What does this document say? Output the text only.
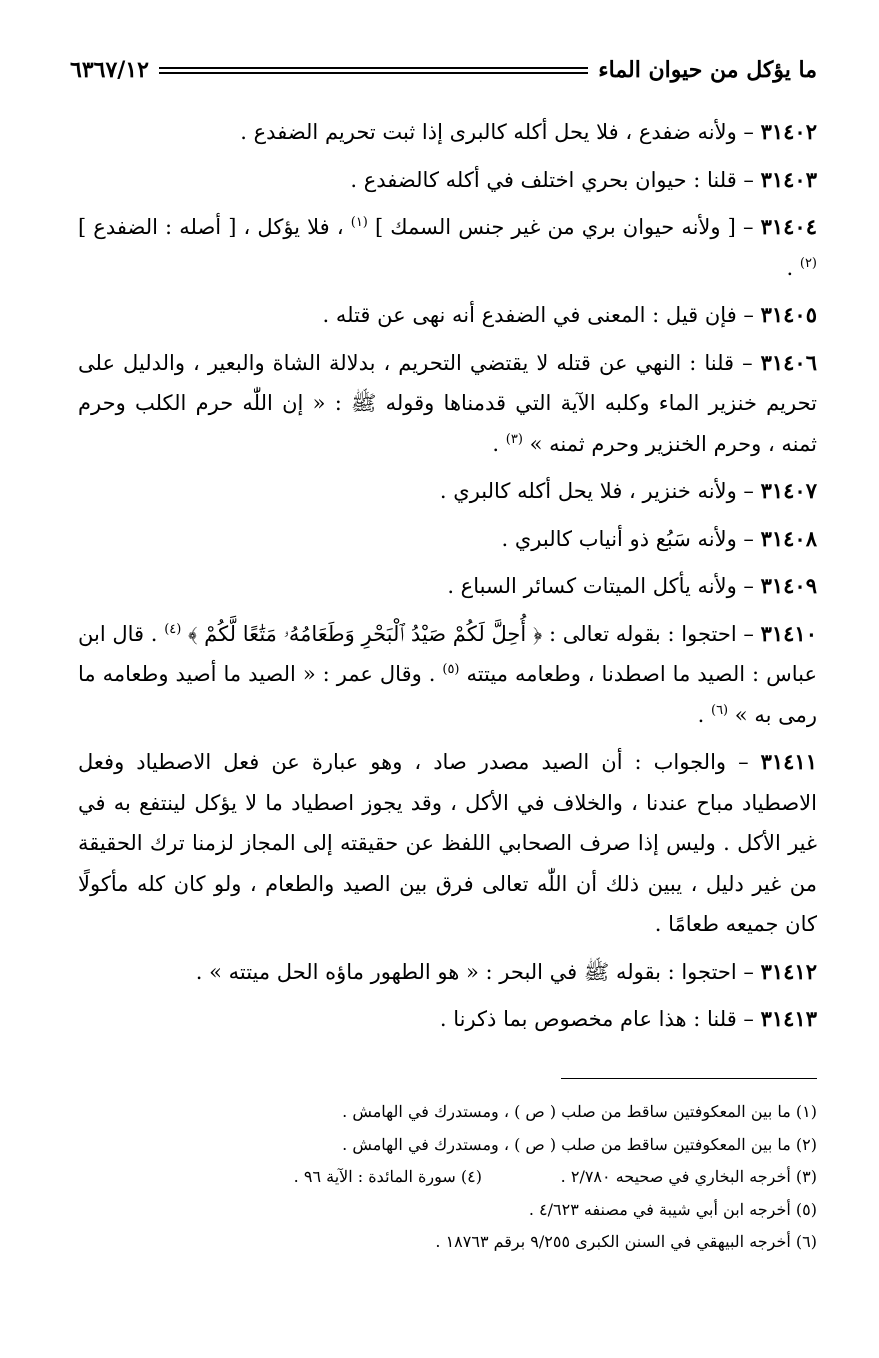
ما يؤكل من حيوان الماء
٦٣٦٧/١٢

٣١٤٠٢ – ولأنه ضفدع ، فلا يحل أكله كالبرى إذا ثبت تحريم الضفدع .

٣١٤٠٣ – قلنا : حيوان بحري اختلف في أكله كالضفدع .

٣١٤٠٤ – [ ولأنه حيوان بري من غير جنس السمك ] $^{(١)}$ ، فلا يؤكل ، [ أصله : الضفدع ] $^{(٢)}$ .

٣١٤٠٥ – فإن قيل : المعنى في الضفدع أنه نهى عن قتله .

٣١٤٠٦ – قلنا : النهي عن قتله لا يقتضي التحريم ، بدلالة الشاة والبعير ، والدليل على تحريم خنزير الماء وكلبه الآية التي قدمناها وقوله ﷺ : « إن اللّٰه حرم الكلب وحرم ثمنه ، وحرم الخنزير وحرم ثمنه » $^{(٣)}$ .

٣١٤٠٧ – ولأنه خنزير ، فلا يحل أكله كالبري .

٣١٤٠٨ – ولأنه سَبُع ذو أنياب كالبري .

٣١٤٠٩ – ولأنه يأكل الميتات كسائر السباع .

٣١٤١٠ – احتجوا : بقوله تعالى : ﴿ أُحِلَّ لَكُمْ صَيْدُ ٱلْبَحْرِ وَطَعَامُهُۥ مَتَٰعًا لَّكُمْ ﴾ $^{(٤)}$ . قال ابن عباس : الصيد ما اصطدنا ، وطعامه ميتته $^{(٥)}$ . وقال عمر : « الصيد ما أصيد وطعامه ما رمى به » $^{(٦)}$ .

٣١٤١١ – والجواب : أن الصيد مصدر صاد ، وهو عبارة عن فعل الاصطياد وفعل الاصطياد مباح عندنا ، والخلاف في الأكل ، وقد يجوز اصطياد ما لا يؤكل لينتفع به في غير الأكل . وليس إذا صرف الصحابي اللفظ عن حقيقته إلى المجاز لزمنا ترك الحقيقة من غير دليل ، يبين ذلك أن اللّٰه تعالى فرق بين الصيد والطعام ، ولو كان كله مأكولًا كان جميعه طعامًا .

٣١٤١٢ – احتجوا : بقوله ﷺ في البحر : « هو الطهور ماؤه الحل ميتته » .

٣١٤١٣ – قلنا : هذا عام مخصوص بما ذكرنا .

(١) ما بين المعكوفتين ساقط من صلب ( ص ) ، ومستدرك في الهامش .

(٢) ما بين المعكوفتين ساقط من صلب ( ص ) ، ومستدرك في الهامش .

(٣) أخرجه البخاري في صحيحه ٢/٧٨٠ .

(٤) سورة المائدة : الآية ٩٦ .

(٥) أخرجه ابن أبي شيبة في مصنفه ٤/٦٢٣ .

(٦) أخرجه البيهقي في السنن الكبرى ٩/٢٥٥ برقم ١٨٧٦٣ .
